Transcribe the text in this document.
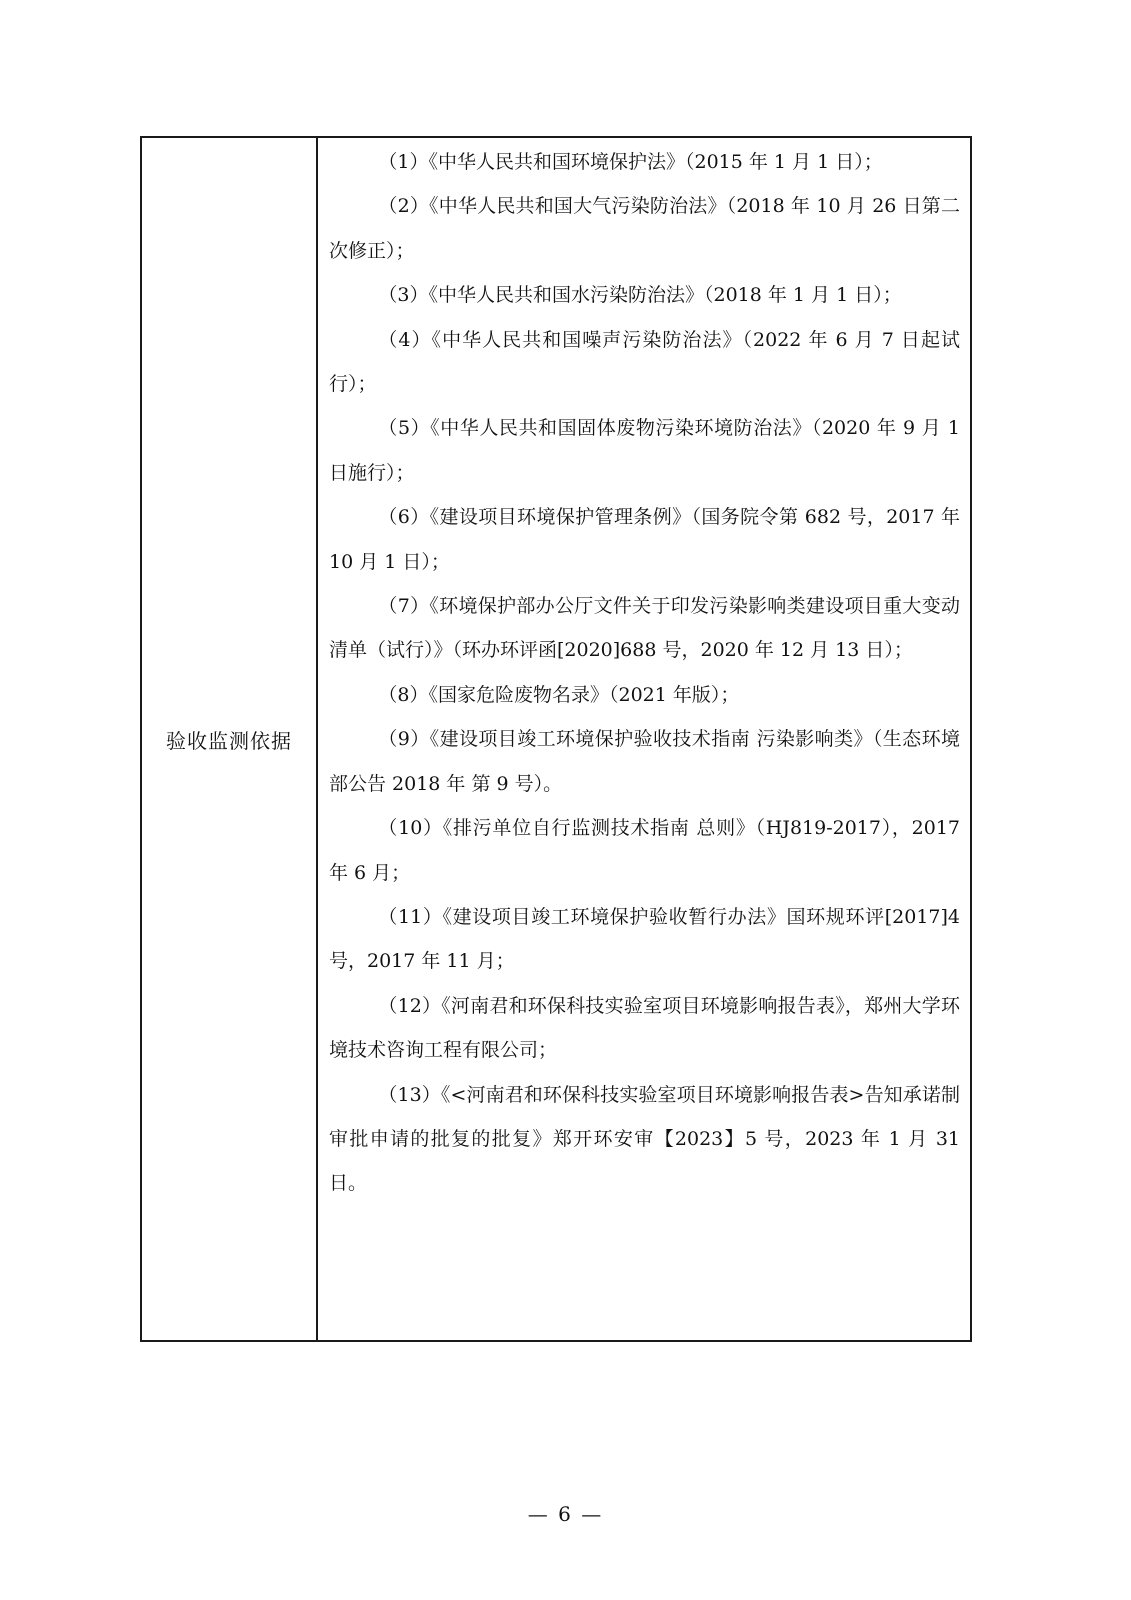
验收监测依据

（1）《中华人民共和国环境保护法》（2015 年 1 月 1 日）；

（2）《中华人民共和国大气污染防治法》（2018 年 10 月 26 日第二次修正）；

（3）《中华人民共和国水污染防治法》（2018 年 1 月 1 日）；

（4）《中华人民共和国噪声污染防治法》（2022 年 6 月 7 日起试行）；

（5）《中华人民共和国固体废物污染环境防治法》（2020 年 9 月 1 日施行）；

（6）《建设项目环境保护管理条例》（国务院令第 682 号，2017 年 10 月 1 日）；

（7）《环境保护部办公厅文件关于印发污染影响类建设项目重大变动清单（试行）》（环办环评函[2020]688 号，2020 年 12 月 13 日）；

（8）《国家危险废物名录》（2021 年版）；

（9）《建设项目竣工环境保护验收技术指南 污染影响类》（生态环境部公告 2018 年 第 9 号）。

（10）《排污单位自行监测技术指南 总则》（HJ819-2017），2017 年 6 月；

（11）《建设项目竣工环境保护验收暂行办法》国环规环评[2017]4 号，2017 年 11 月；

（12）《河南君和环保科技实验室项目环境影响报告表》，郑州大学环境技术咨询工程有限公司；

（13）《<河南君和环保科技实验室项目环境影响报告表>告知承诺制审批申请的批复的批复》郑开环安审【2023】5 号，2023 年 1 月 31 日。

— 6 —
